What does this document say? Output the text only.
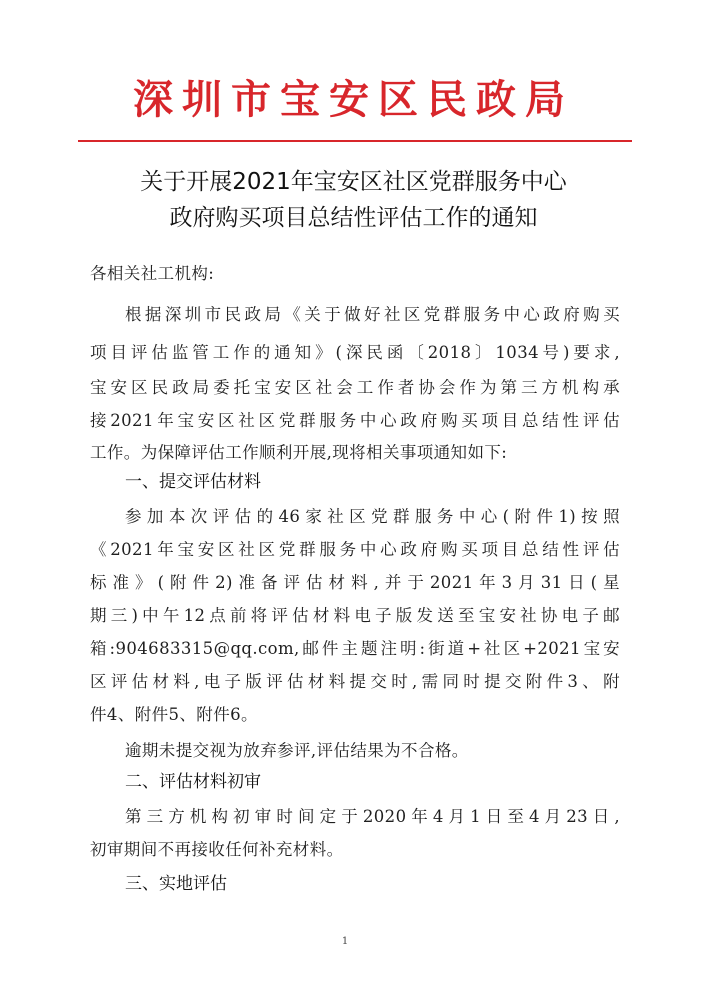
深圳市宝安区民政局
关于开展2021年宝安区社区党群服务中心
政府购买项目总结性评估工作的通知
各相关社工机构:
根据深圳市民政局《关于做好社区党群服务中心政府购买
项目评估监管工作的通知》(深民函〔2018〕1034号)要求,
宝安区民政局委托宝安区社会工作者协会作为第三方机构承
接2021年宝安区社区党群服务中心政府购买项目总结性评估
工作。为保障评估工作顺利开展,现将相关事项通知如下:
一、提交评估材料
参加本次评估的46家社区党群服务中心(附件1)按照
《2021年宝安区社区党群服务中心政府购买项目总结性评估
标准》(附件2)准备评估材料,并于2021年3月31日(星
期三)中午12点前将评估材料电子版发送至宝安社协电子邮
箱:904683315@qq.com,邮件主题注明:街道+社区+2021宝安
区评估材料,电子版评估材料提交时,需同时提交附件3、附
件4、附件5、附件6。
逾期未提交视为放弃参评,评估结果为不合格。
二、评估材料初审
第三方机构初审时间定于2020年4月1日至4月23日,
初审期间不再接收任何补充材料。
三、实地评估
1
